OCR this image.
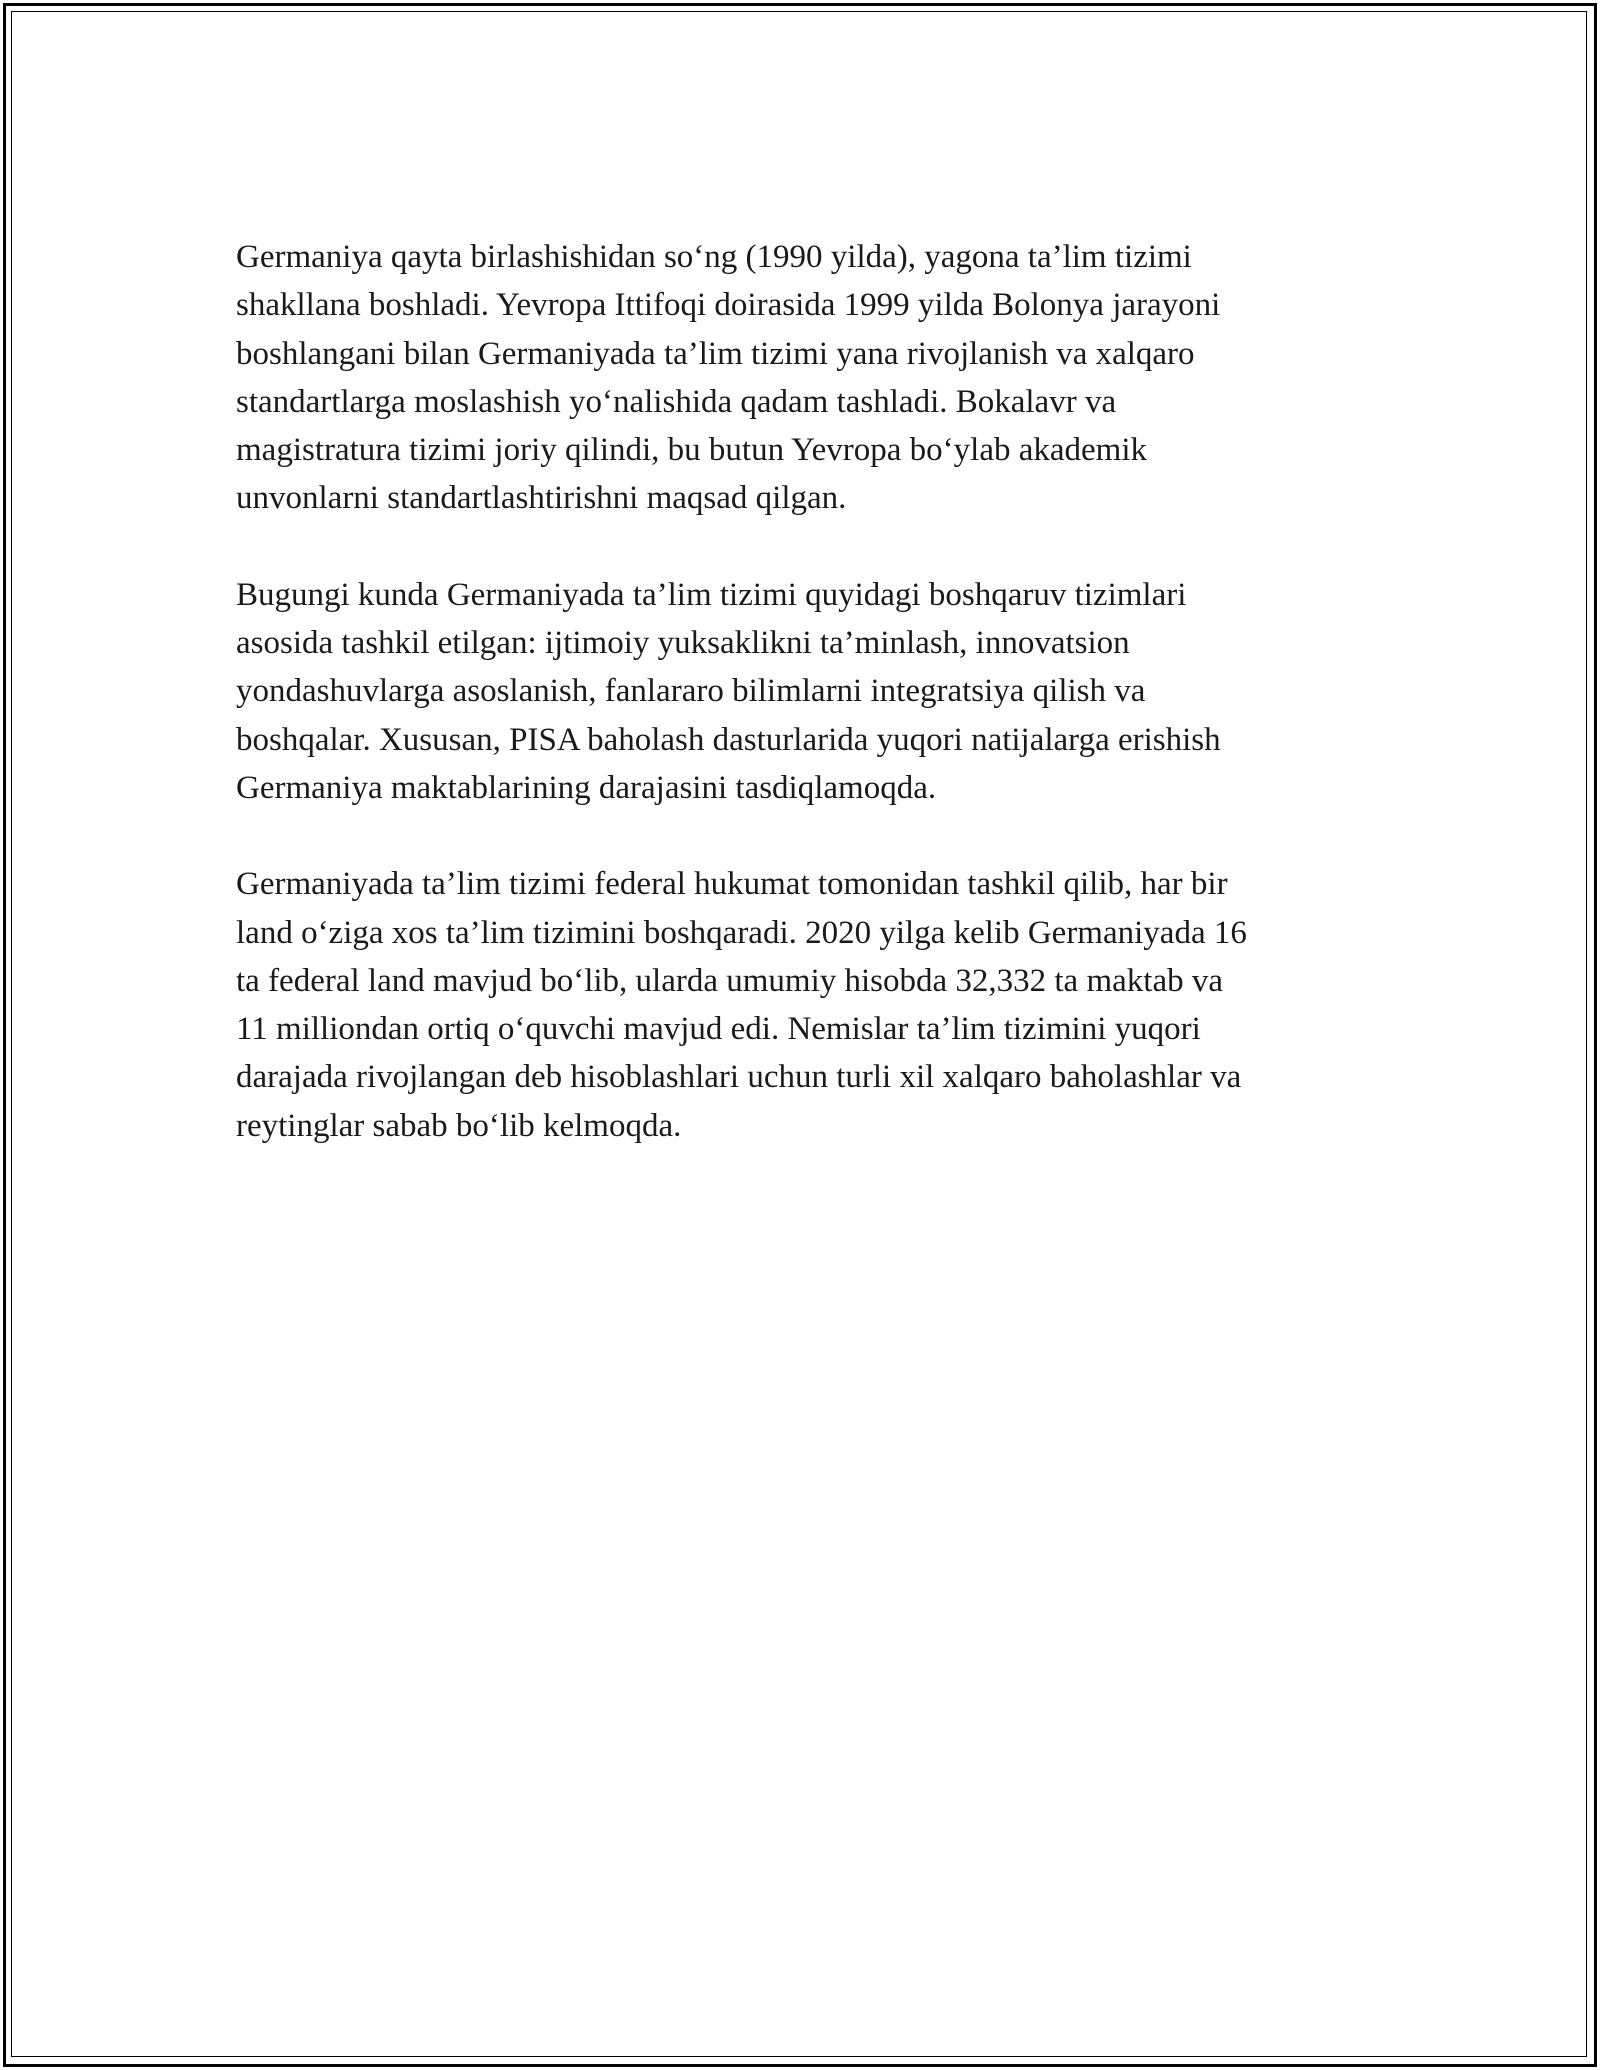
Germaniya qayta birlashishidan so‘ng (1990 yilda), yagona ta’lim tizimi
shakllana boshladi. Yevropa Ittifoqi doirasida 1999 yilda Bolonya jarayoni
boshlangani bilan Germaniyada ta’lim tizimi yana rivojlanish va xalqaro
standartlarga moslashish yo‘nalishida qadam tashladi. Bokalavr va
magistratura tizimi joriy qilindi, bu butun Yevropa bo‘ylab akademik
unvonlarni standartlashtirishni maqsad qilgan.

Bugungi kunda Germaniyada ta’lim tizimi quyidagi boshqaruv tizimlari
asosida tashkil etilgan: ijtimoiy yuksaklikni ta’minlash, innovatsion
yondashuvlarga asoslanish, fanlararo bilimlarni integratsiya qilish va
boshqalar. Xususan, PISA baholash dasturlarida yuqori natijalarga erishish
Germaniya maktablarining darajasini tasdiqlamoqda.

Germaniyada ta’lim tizimi federal hukumat tomonidan tashkil qilib, har bir
land o‘ziga xos ta’lim tizimini boshqaradi. 2020 yilga kelib Germaniyada 16
ta federal land mavjud bo‘lib, ularda umumiy hisobda 32,332 ta maktab va
11 milliondan ortiq o‘quvchi mavjud edi. Nemislar ta’lim tizimini yuqori
darajada rivojlangan deb hisoblashlari uchun turli xil xalqaro baholashlar va
reytinglar sabab bo‘lib kelmoqda.
